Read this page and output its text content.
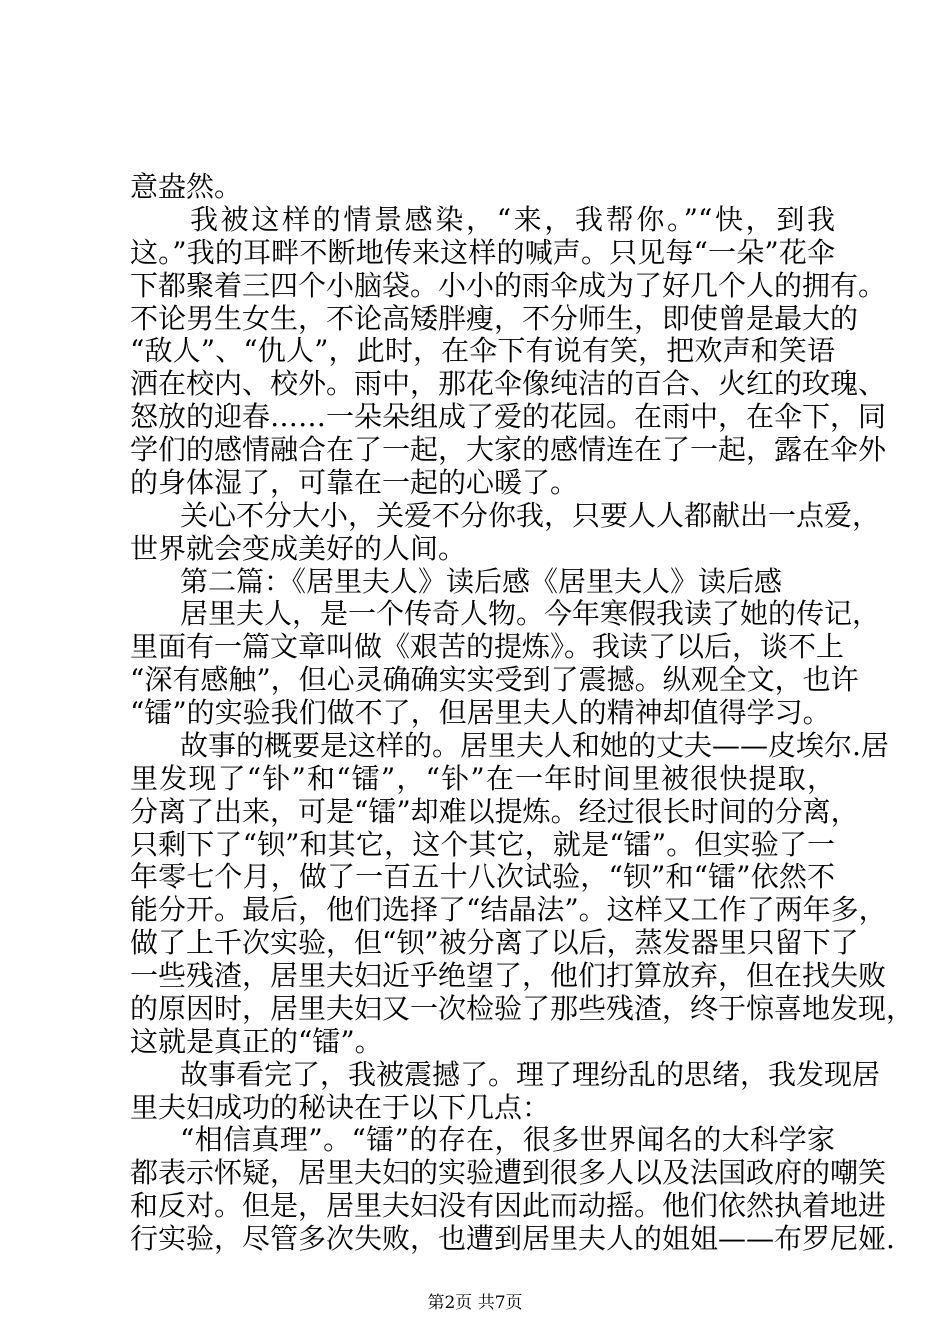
意盎然。
我被这样的情景感染，“来，我帮你。”“快，到我
这。”我的耳畔不断地传来这样的喊声。只见每“一朵”花伞
下都聚着三四个小脑袋。小小的雨伞成为了好几个人的拥有。
不论男生女生，不论高矮胖瘦，不分师生，即使曾是最大的
“敌人”、“仇人”，此时，在伞下有说有笑，把欢声和笑语
洒在校内、校外。雨中，那花伞像纯洁的百合、火红的玫瑰、
怒放的迎春……一朵朵组成了爱的花园。在雨中，在伞下，同
学们的感情融合在了一起，大家的感情连在了一起，露在伞外
的身体湿了，可靠在一起的心暖了。
关心不分大小，关爱不分你我，只要人人都献出一点爱，
世界就会变成美好的人间。
第二篇：《居里夫人》读后感《居里夫人》读后感
居里夫人，是一个传奇人物。今年寒假我读了她的传记，
里面有一篇文章叫做《艰苦的提炼》。我读了以后，谈不上
“深有感触”，但心灵确确实实受到了震撼。纵观全文，也许
“镭”的实验我们做不了，但居里夫人的精神却值得学习。
故事的概要是这样的。居里夫人和她的丈夫——皮埃尔.居
里发现了“钋”和“镭”，“钋”在一年时间里被很快提取，
分离了出来，可是“镭”却难以提炼。经过很长时间的分离，
只剩下了“钡”和其它，这个其它，就是“镭”。但实验了一
年零七个月，做了一百五十八次试验，“钡”和“镭”依然不
能分开。最后，他们选择了“结晶法”。这样又工作了两年多，
做了上千次实验，但“钡”被分离了以后，蒸发器里只留下了
一些残渣，居里夫妇近乎绝望了，他们打算放弃，但在找失败
的原因时，居里夫妇又一次检验了那些残渣，终于惊喜地发现，
这就是真正的“镭”。
故事看完了，我被震撼了。理了理纷乱的思绪，我发现居
里夫妇成功的秘诀在于以下几点：
“相信真理”。“镭”的存在，很多世界闻名的大科学家
都表示怀疑，居里夫妇的实验遭到很多人以及法国政府的嘲笑
和反对。但是，居里夫妇没有因此而动摇。他们依然执着地进
行实验，尽管多次失败，也遭到居里夫人的姐姐——布罗尼娅.
第2页 共7页
